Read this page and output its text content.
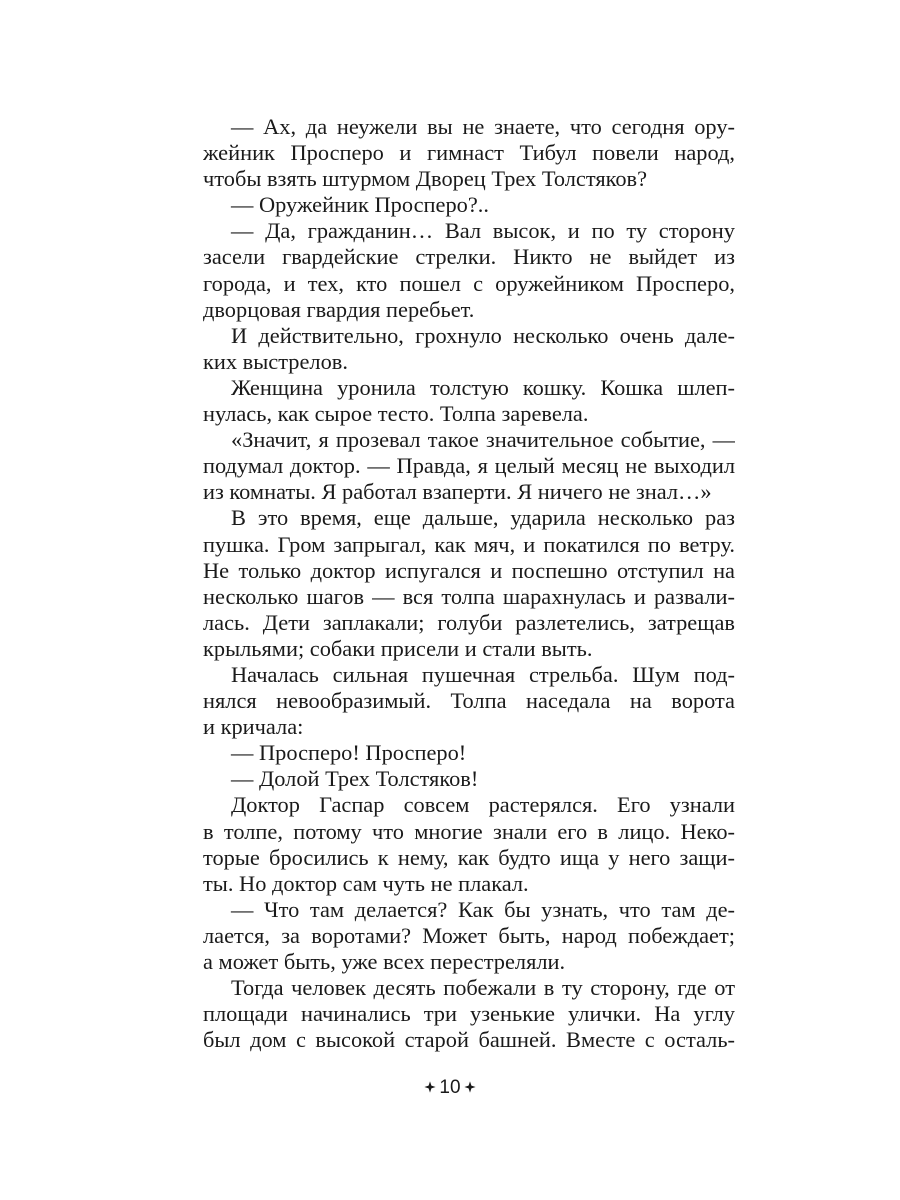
— Ах, да неужели вы не знаете, что сегодня ору-
жейник Просперо и гимнаст Тибул повели народ,
чтобы взять штурмом Дворец Трех Толстяков?
— Оружейник Просперо?..
— Да, гражданин… Вал высок, и по ту сторону
засели гвардейские стрелки. Никто не выйдет из
города, и тех, кто пошел с оружейником Просперо,
дворцовая гвардия перебьет.
И действительно, грохнуло несколько очень дале-
ких выстрелов.
Женщина уронила толстую кошку. Кошка шлеп-
нулась, как сырое тесто. Толпа заревела.
«Значит, я прозевал такое значительное событие, —
подумал доктор. — Правда, я целый месяц не выходил
из комнаты. Я работал взаперти. Я ничего не знал…»
В это время, еще дальше, ударила несколько раз
пушка. Гром запрыгал, как мяч, и покатился по ветру.
Не только доктор испугался и поспешно отступил на
несколько шагов — вся толпа шарахнулась и развали-
лась. Дети заплакали; голуби разлетелись, затрещав
крыльями; собаки присели и стали выть.
Началась сильная пушечная стрельба. Шум под-
нялся невообразимый. Толпа наседала на ворота
и кричала:
— Просперо! Просперо!
— Долой Трех Толстяков!
Доктор Гаспар совсем растерялся. Его узнали
в толпе, потому что многие знали его в лицо. Неко-
торые бросились к нему, как будто ища у него защи-
ты. Но доктор сам чуть не плакал.
— Что там делается? Как бы узнать, что там де-
лается, за воротами? Может быть, народ побеждает;
а может быть, уже всех перестреляли.
Тогда человек десять побежали в ту сторону, где от
площади начинались три узенькие улички. На углу
был дом с высокой старой башней. Вместе с осталь-
10
